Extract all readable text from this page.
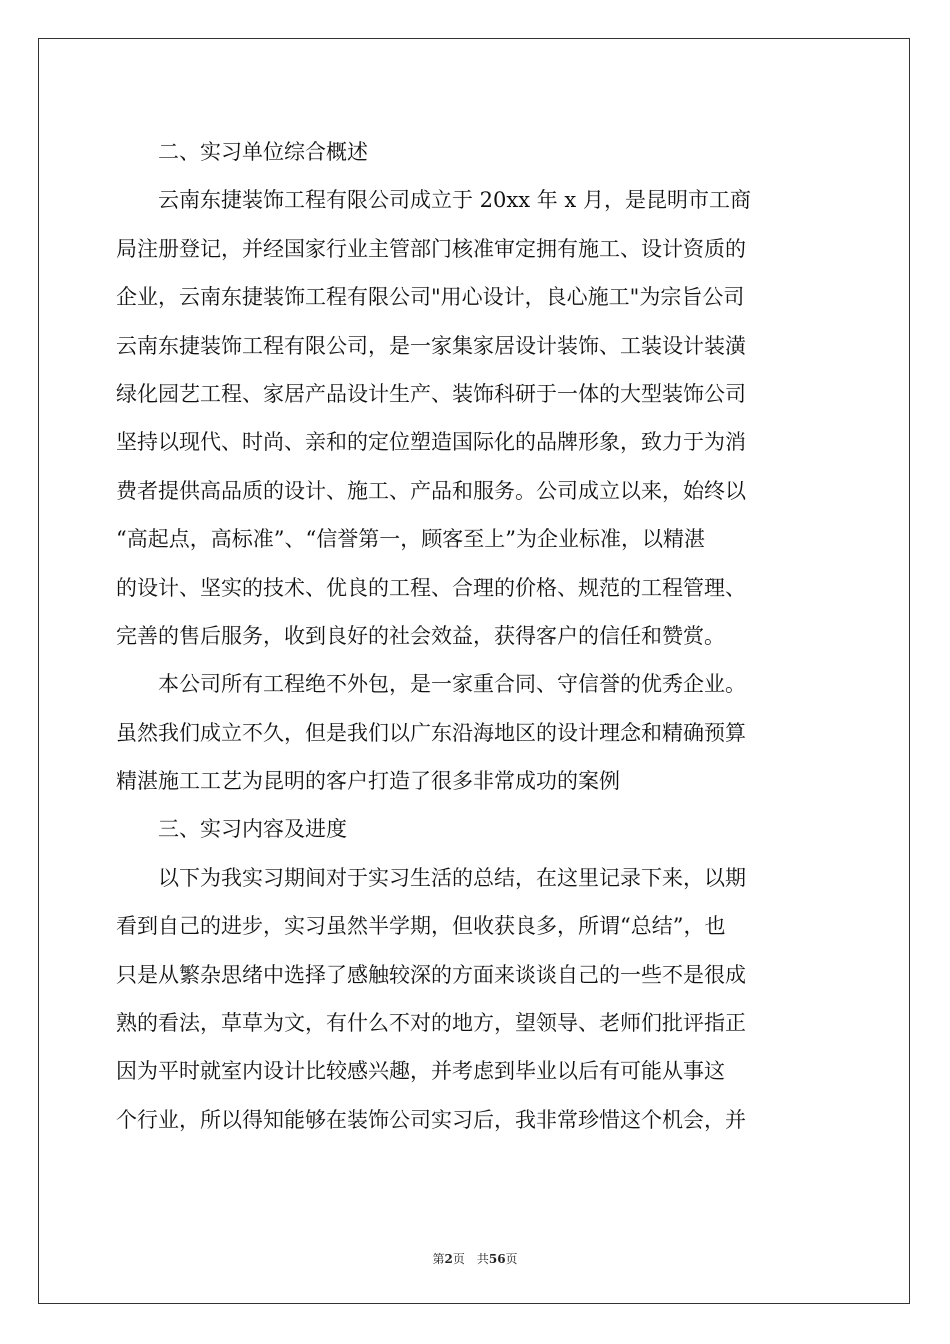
　　二、实习单位综合概述
　　云南东捷装饰工程有限公司成立于 20xx 年 x 月，是昆明市工商
局注册登记，并经国家行业主管部门核准审定拥有施工、设计资质的
企业，云南东捷装饰工程有限公司"用心设计，良心施工"为宗旨公司
云南东捷装饰工程有限公司，是一家集家居设计装饰、工装设计装潢
绿化园艺工程、家居产品设计生产、装饰科研于一体的大型装饰公司
坚持以现代、时尚、亲和的定位塑造国际化的品牌形象，致力于为消
费者提供高品质的设计、施工、产品和服务。公司成立以来，始终以
“高起点，高标准”、“信誉第一，顾客至上”为企业标准，以精湛
的设计、坚实的技术、优良的工程、合理的价格、规范的工程管理、
完善的售后服务，收到良好的社会效益，获得客户的信任和赞赏。
　　本公司所有工程绝不外包，是一家重合同、守信誉的优秀企业。
虽然我们成立不久，但是我们以广东沿海地区的设计理念和精确预算
精湛施工工艺为昆明的客户打造了很多非常成功的案例
　　三、实习内容及进度
　　以下为我实习期间对于实习生活的总结，在这里记录下来，以期
看到自己的进步，实习虽然半学期，但收获良多，所谓“总结”，也
只是从繁杂思绪中选择了感触较深的方面来谈谈自己的一些不是很成
熟的看法，草草为文，有什么不对的地方，望领导、老师们批评指正
因为平时就室内设计比较感兴趣，并考虑到毕业以后有可能从事这
个行业，所以得知能够在装饰公司实习后，我非常珍惜这个机会，并
第2页 共56页
